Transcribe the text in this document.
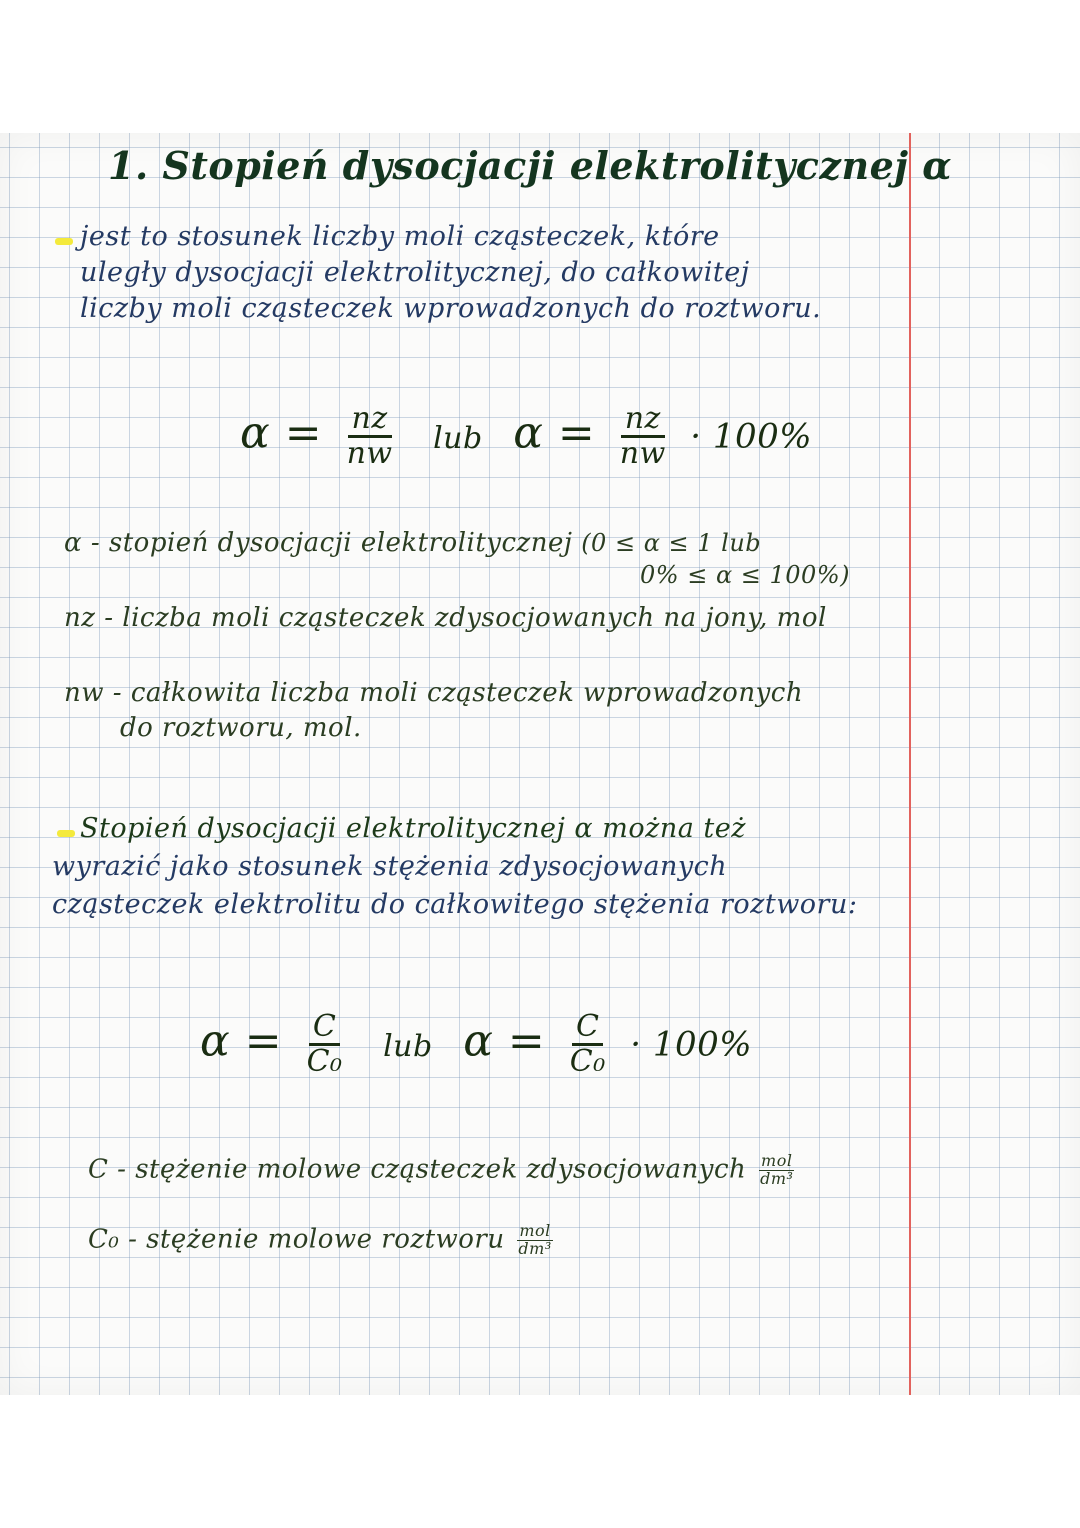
1. Stopień dysocjacji elektrolitycznej α
jest to stosunek liczby moli cząsteczek, które
uległy dysocjacji elektrolitycznej, do całkowitej
liczby moli cząsteczek wprowadzonych do roztworu.
$\alpha = \frac{nz}{nw}$ lub $\alpha = \frac{nz}{nw} \cdot 100\%$
α - stopień dysocjacji elektrolitycznej (0 ≤ α ≤ 1 lub
0% ≤ α ≤ 100%)
nz - liczba moli cząsteczek zdysocjowanych na jony, mol
nw - całkowita liczba moli cząsteczek wprowadzonych
do roztworu, mol.
Stopień dysocjacji elektrolitycznej α można też
wyrazić jako stosunek stężenia zdysocjowanych
cząsteczek elektrolitu do całkowitego stężenia roztworu:
$\alpha = \frac{C}{\text{C₀}}$ lub $\alpha = \frac{C}{\text{C₀}} \cdot 100\%$
C - stężenie molowe cząsteczek zdysocjowanych $\frac{\text{mol}}{\text{dm³}}$
C₀ - stężenie molowe roztworu $\frac{\text{mol}}{\text{dm³}}$
